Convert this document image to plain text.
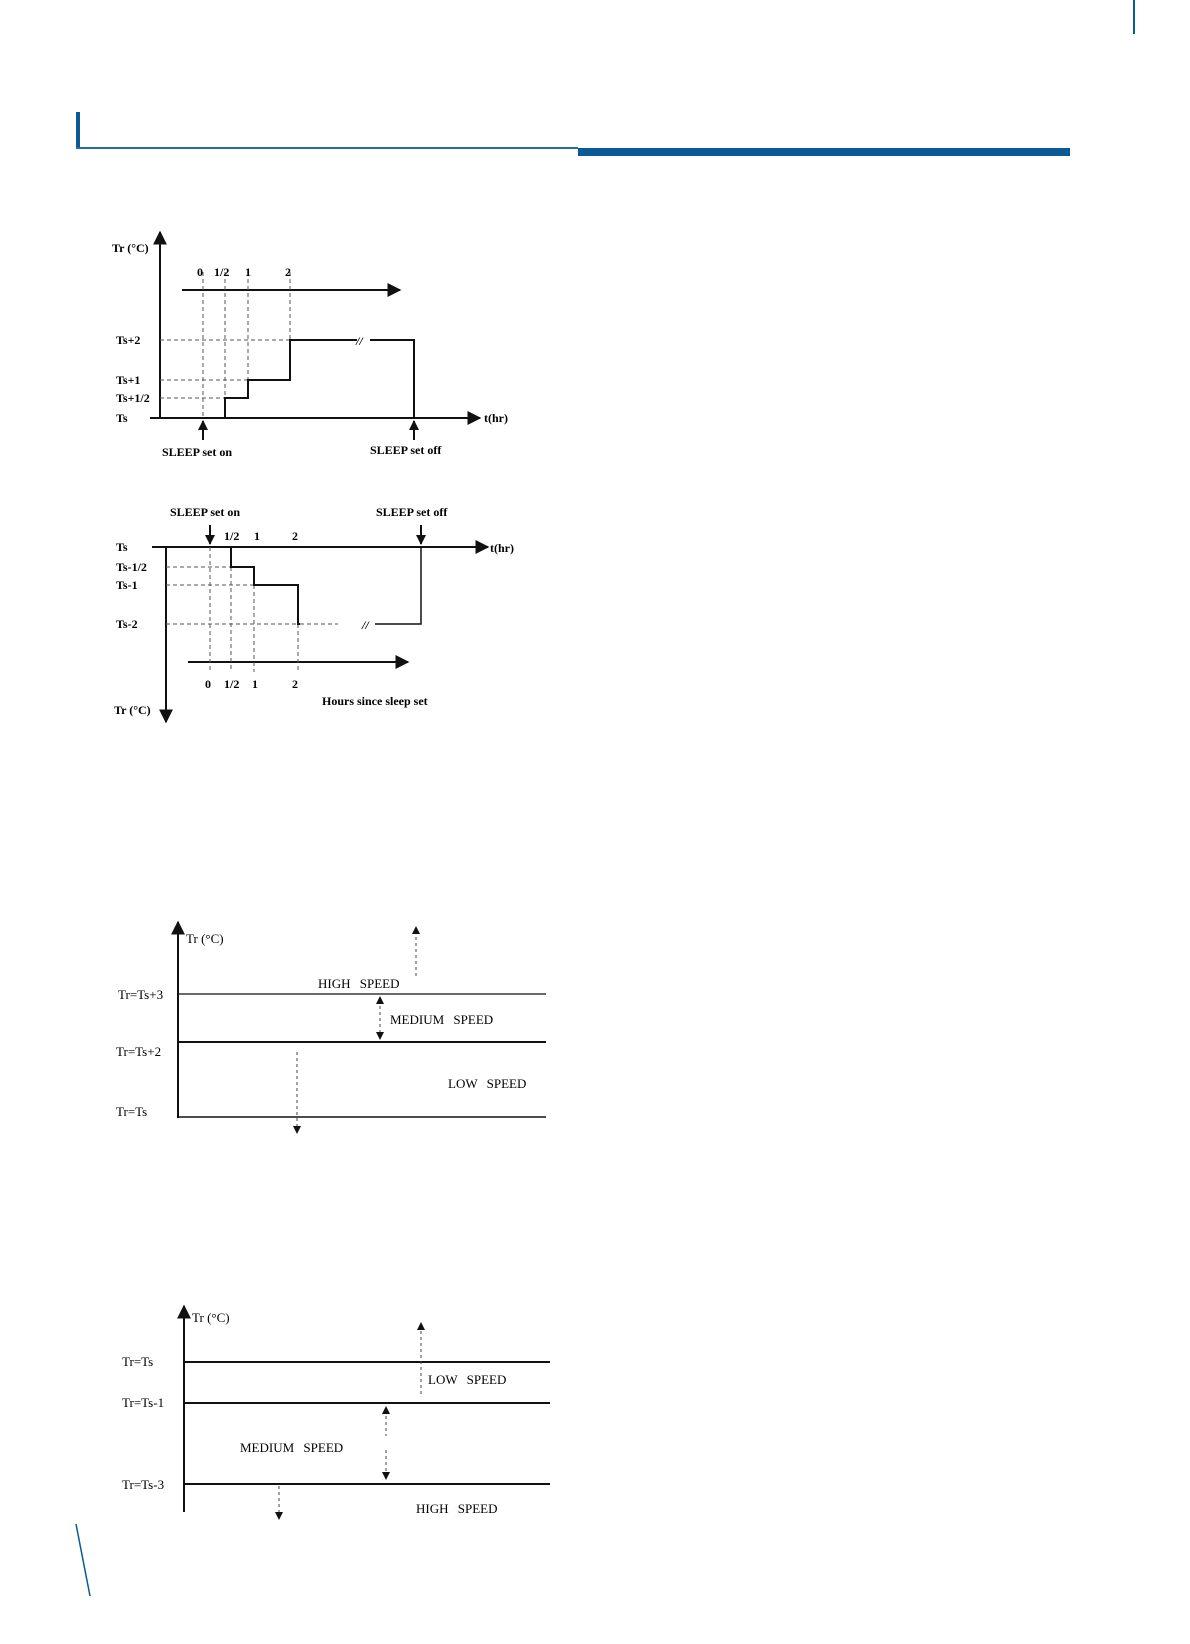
Tr (°C)
0 1/2 1	2
Ts+2
Ts+1
Ts+1/2
Ts
//
t(hr)
SLEEP set on	SLEEP set off
SLEEP set on	SLEEP set off
1/2 1	2
t(hr)
Ts
Ts-1/2
Ts-1
Ts-2	//
0 1/2 1	2
Hours since sleep set
Tr (°C)
Tr (°C)
Tr=Ts+3
Tr=Ts+2
Tr=Ts
HIGH SPEED
MEDIUM SPEED
LOW SPEED
Tr (°C)
Tr=Ts
Tr=Ts-1
Tr=Ts-3
LOW SPEED
MEDIUM SPEED
HIGH SPEED
